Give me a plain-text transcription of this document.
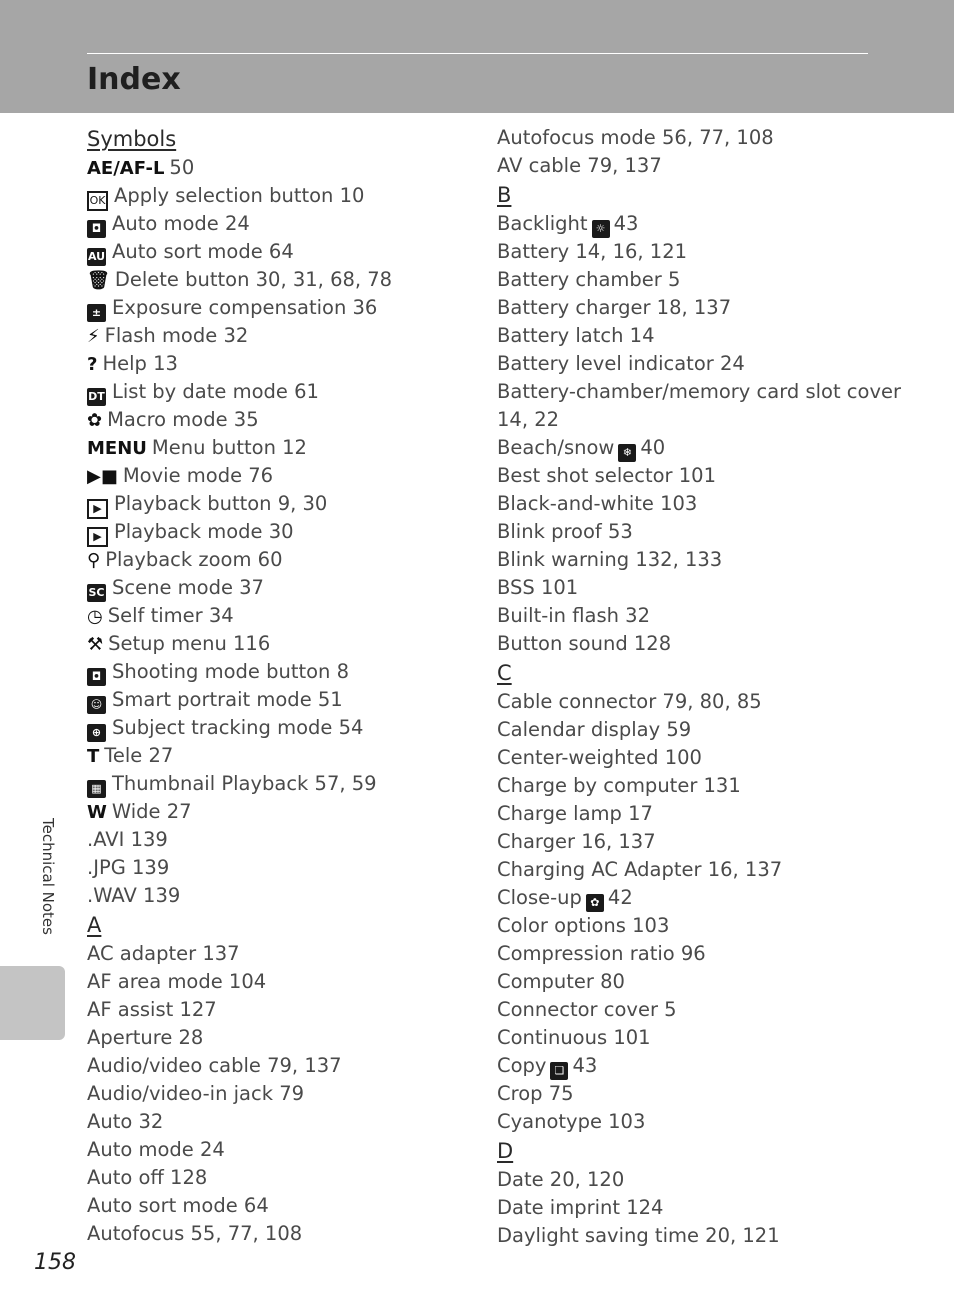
Index
Symbols
AE/AF-L 50
OK Apply selection button 10
◘ Auto mode 24
AU Auto sort mode 64
🗑 Delete button 30, 31, 68, 78
± Exposure compensation 36
⚡ Flash mode 32
? Help 13
DT List by date mode 61
✿ Macro mode 35
MENU Menu button 12
▶■ Movie mode 76
▶ Playback button 9, 30
▶ Playback mode 30
⚲ Playback zoom 60
SC Scene mode 37
◷ Self timer 34
⚒ Setup menu 116
◘ Shooting mode button 8
☺ Smart portrait mode 51
⊕ Subject tracking mode 54
T Tele 27
▦ Thumbnail Playback 57, 59
W Wide 27
.AVI 139
.JPG 139
.WAV 139
A
AC adapter 137
AF area mode 104
AF assist 127
Aperture 28
Audio/video cable 79, 137
Audio/video-in jack 79
Auto 32
Auto mode 24
Auto off 128
Auto sort mode 64
Autofocus 55, 77, 108
Autofocus mode 56, 77, 108
AV cable 79, 137
B
Backlight ☼ 43
Battery 14, 16, 121
Battery chamber 5
Battery charger 18, 137
Battery latch 14
Battery level indicator 24
Battery-chamber/memory card slot cover
14, 22
Beach/snow ❄ 40
Best shot selector 101
Black-and-white 103
Blink proof 53
Blink warning 132, 133
BSS 101
Built-in flash 32
Button sound 128
C
Cable connector 79, 80, 85
Calendar display 59
Center-weighted 100
Charge by computer 131
Charge lamp 17
Charger 16, 137
Charging AC Adapter 16, 137
Close-up ✿ 42
Color options 103
Compression ratio 96
Computer 80
Connector cover 5
Continuous 101
Copy ❏ 43
Crop 75
Cyanotype 103
D
Date 20, 120
Date imprint 124
Daylight saving time 20, 121
Technical Notes
158
